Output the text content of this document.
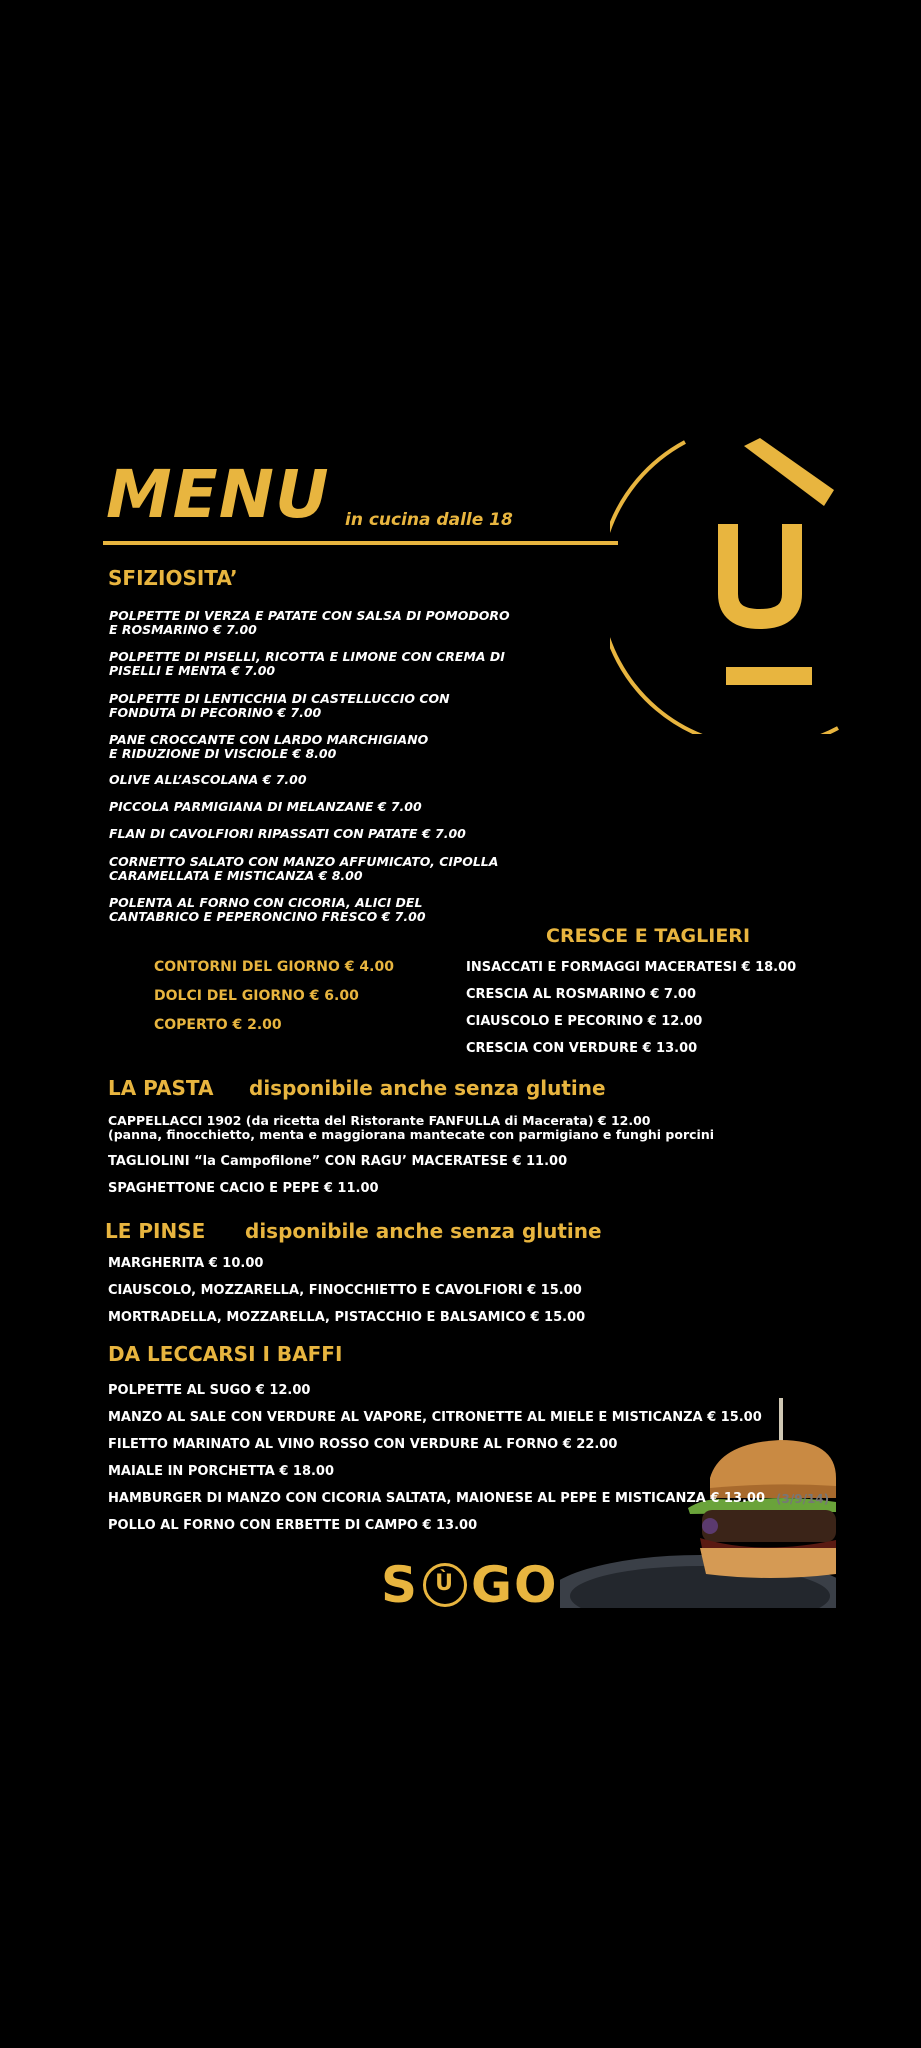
MENU in cucina dalle 18
SFIZIOSITA’
POLPETTE DI VERZA E PATATE CON SALSA DI POMODORO
E ROSMARINO € 7.00
POLPETTE DI PISELLI, RICOTTA E LIMONE CON CREMA DI
PISELLI E MENTA € 7.00
POLPETTE DI LENTICCHIA DI CASTELLUCCIO CON
FONDUTA DI PECORINO € 7.00
PANE CROCCANTE CON LARDO MARCHIGIANO
E RIDUZIONE DI VISCIOLE € 8.00
OLIVE ALL’ASCOLANA € 7.00
PICCOLA PARMIGIANA DI MELANZANE € 7.00
FLAN DI CAVOLFIORI RIPASSATI CON PATATE € 7.00
CORNETTO SALATO CON MANZO AFFUMICATO, CIPOLLA
CARAMELLATA E MISTICANZA € 8.00
POLENTA AL FORNO CON CICORIA, ALICI DEL
CANTABRICO E PEPERONCINO FRESCO € 7.00
CONTORNI DEL GIORNO € 4.00
DOLCI DEL GIORNO € 6.00
COPERTO € 2.00
CRESCE E TAGLIERI
INSACCATI E FORMAGGI MACERATESI € 18.00
CRESCIA AL ROSMARINO € 7.00
CIAUSCOLO E PECORINO € 12.00
CRESCIA CON VERDURE € 13.00
LA PASTA disponibile anche senza glutine
CAPPELLACCI 1902 (da ricetta del Ristorante FANFULLA di Macerata) € 12.00
(panna, finocchietto, menta e maggiorana mantecate con parmigiano e funghi porcini
TAGLIOLINI “la Campofilone” CON RAGU’ MACERATESE € 11.00
SPAGHETTONE CACIO E PEPE € 11.00
LE PINSE disponibile anche senza glutine
MARGHERITA € 10.00
CIAUSCOLO, MOZZARELLA, FINOCCHIETTO E CAVOLFIORI € 15.00
MORTRADELLA, MOZZARELLA, PISTACCHIO E BALSAMICO € 15.00
DA LECCARSI I BAFFI
POLPETTE AL SUGO € 12.00
MANZO AL SALE CON VERDURE AL VAPORE, CITRONETTE AL MIELE E MISTICANZA € 15.00
FILETTO MARINATO AL VINO ROSSO CON VERDURE AL FORNO € 22.00
MAIALE IN PORCHETTA € 18.00
HAMBURGER DI MANZO CON CICORIA SALTATA, MAIONESE AL PEPE E MISTICANZA € 13.00 (3/9/14)
POLLO AL FORNO CON ERBETTE DI CAMPO € 13.00
S Ù GO
